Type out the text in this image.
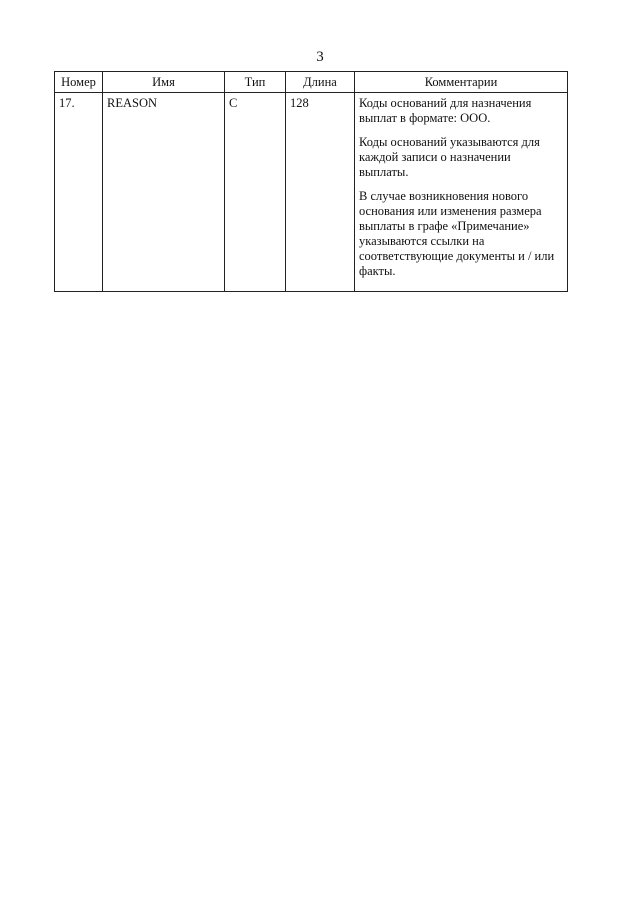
3
Номер	Имя	Тип	Длина	Комментарии
17.	REASON	C	128	Коды оснований для назначения выплат в формате: ООО.

Коды оснований указываются для каждой записи о назначении выплаты.

В случае возникновения нового основания или изменения размера выплаты в графе «Примечание» указываются ссылки на соответствующие документы и / или факты.
